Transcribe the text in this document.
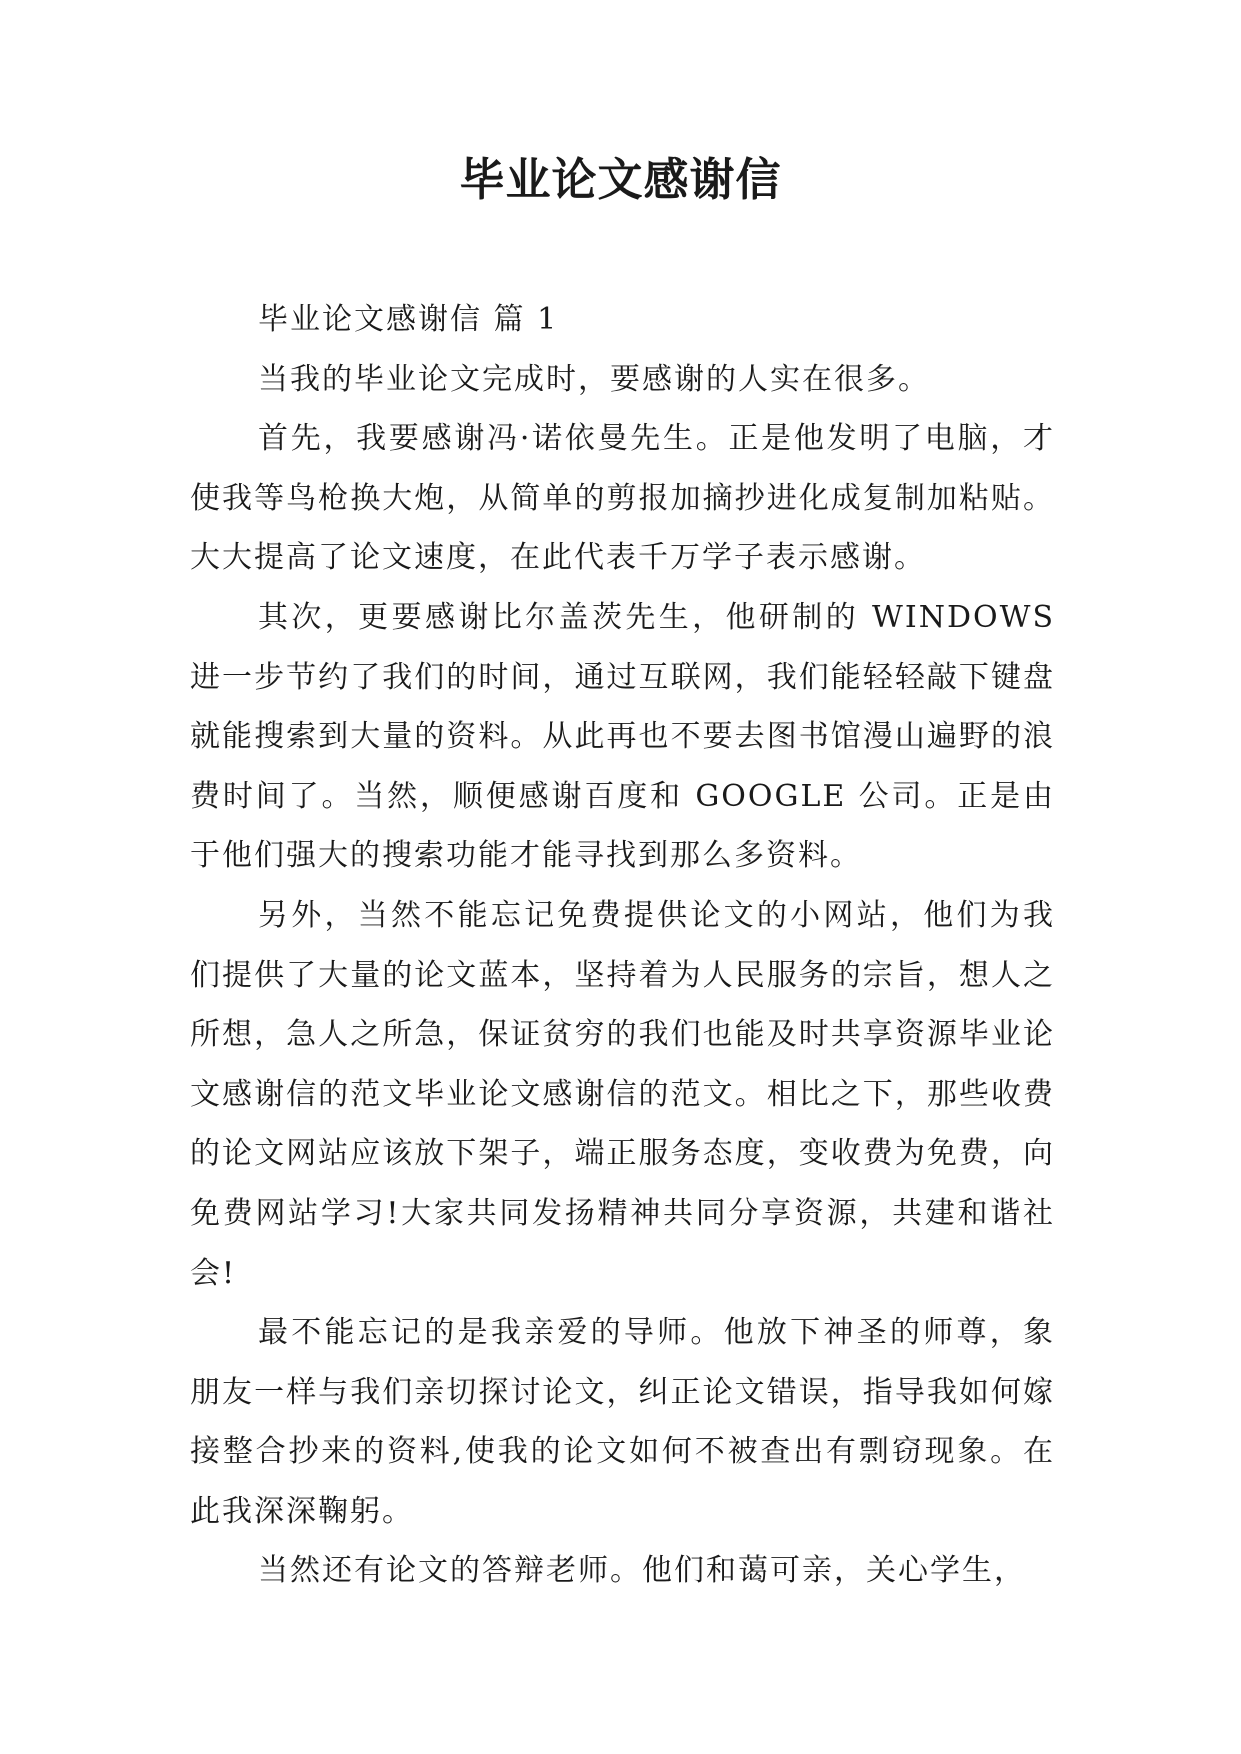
毕业论文感谢信

毕业论文感谢信 篇 1

当我的毕业论文完成时，要感谢的人实在很多。

首先，我要感谢冯·诺依曼先生。正是他发明了电脑，才使我等鸟枪换大炮，从简单的剪报加摘抄进化成复制加粘贴。大大提高了论文速度，在此代表千万学子表示感谢。

其次，更要感谢比尔盖茨先生，他研制的 WINDOWS 进一步节约了我们的时间，通过互联网，我们能轻轻敲下键盘就能搜索到大量的资料。从此再也不要去图书馆漫山遍野的浪费时间了。当然，顺便感谢百度和 GOOGLE 公司。正是由于他们强大的搜索功能才能寻找到那么多资料。

另外，当然不能忘记免费提供论文的小网站，他们为我们提供了大量的论文蓝本，坚持着为人民服务的宗旨，想人之所想，急人之所急，保证贫穷的我们也能及时共享资源毕业论文感谢信的范文毕业论文感谢信的范文。相比之下，那些收费的论文网站应该放下架子，端正服务态度，变收费为免费，向免费网站学习!大家共同发扬精神共同分享资源，共建和谐社会!

最不能忘记的是我亲爱的导师。他放下神圣的师尊，象朋友一样与我们亲切探讨论文，纠正论文错误，指导我如何嫁接整合抄来的资料,使我的论文如何不被查出有剽窃现象。在此我深深鞠躬。

当然还有论文的答辩老师。他们和蔼可亲，关心学生，
